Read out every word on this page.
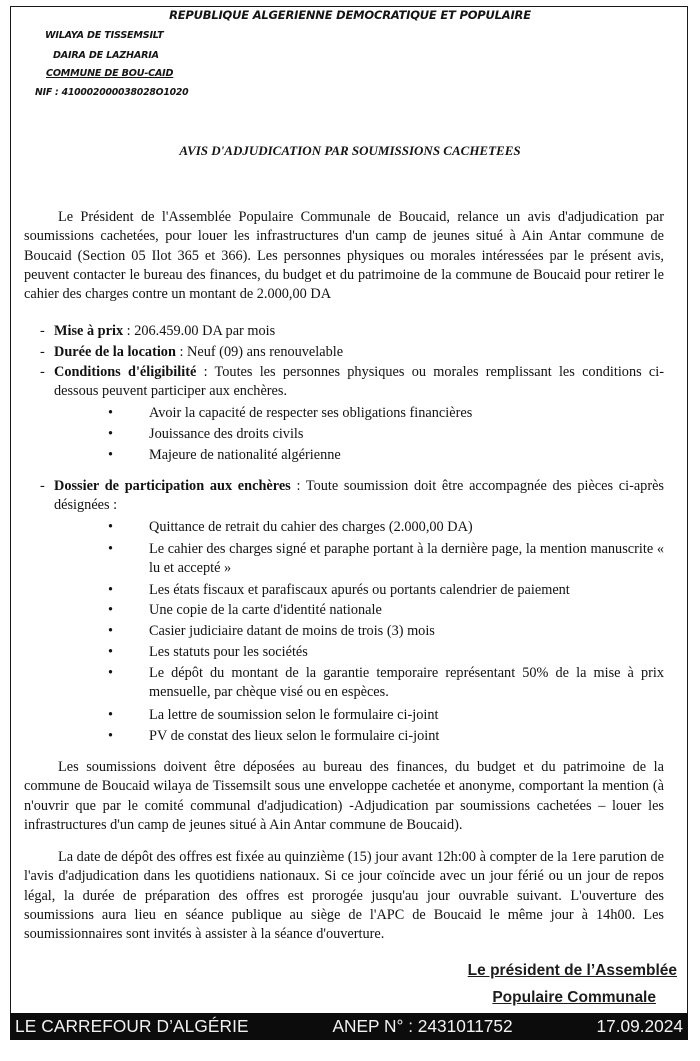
REPUBLIQUE ALGERIENNE DEMOCRATIQUE ET POPULAIRE
WILAYA DE TISSEMSILT
DAIRA DE LAZHARIA
COMMUNE DE BOU-CAID
NIF : 410002000038028O1020
AVIS D'ADJUDICATION PAR SOUMISSIONS CACHETEES

Le Président de l'Assemblée Populaire Communale de Boucaid, relance un avis d'adjudication par soumissions cachetées, pour louer les infrastructures d'un camp de jeunes situé à Ain Antar commune de Boucaid (Section 05 Ilot 365 et 366). Les personnes physiques ou morales intéressées par le présent avis, peuvent contacter le bureau des finances, du budget et du patrimoine de la commune de Boucaid pour retirer le cahier des charges contre un montant de 2.000,00 DA

- Mise à prix : 206.459.00 DA par mois
- Durée de la location : Neuf (09) ans renouvelable
- Conditions d'éligibilité : Toutes les personnes physiques ou morales remplissant les conditions ci-dessous peuvent participer aux enchères.
•	Avoir la capacité de respecter ses obligations financières
•	Jouissance des droits civils
•	Majeure de nationalité algérienne
- Dossier de participation aux enchères : Toute soumission doit être accompagnée des pièces ci-après désignées :
•	Quittance de retrait du cahier des charges (2.000,00 DA)
•	Le cahier des charges signé et paraphe portant à la dernière page, la mention manuscrite « lu et accepté »
•	Les états fiscaux et parafiscaux apurés ou portants calendrier de paiement
•	Une copie de la carte d'identité nationale
•	Casier judiciaire datant de moins de trois (3) mois
•	Les statuts pour les sociétés
•	Le dépôt du montant de la garantie temporaire représentant 50% de la mise à prix mensuelle, par chèque visé ou en espèces.
•	La lettre de soumission selon le formulaire ci-joint
•	PV de constat des lieux selon le formulaire ci-joint

Les soumissions doivent être déposées au bureau des finances, du budget et du patrimoine de la commune de Boucaid wilaya de Tissemsilt sous une enveloppe cachetée et anonyme, comportant la mention (à n'ouvrir que par le comité communal d'adjudication) -Adjudication par soumissions cachetées – louer les infrastructures d'un camp de jeunes situé à Ain Antar commune de Boucaid).

La date de dépôt des offres est fixée au quinzième (15) jour avant 12h:00 à compter de la 1ere parution de l'avis d'adjudication dans les quotidiens nationaux. Si ce jour coïncide avec un jour férié ou un jour de repos légal, la durée de préparation des offres est prorogée jusqu'au jour ouvrable suivant. L'ouverture des soumissions aura lieu en séance publique au siège de l'APC de Boucaid le même jour à 14h00. Les soumissionnaires sont invités à assister à la séance d'ouverture.

Le président de l’Assemblée
Populaire Communale
LE CARREFOUR D’ALGÉRIE	ANEP N° : 2431011752	17.09.2024
